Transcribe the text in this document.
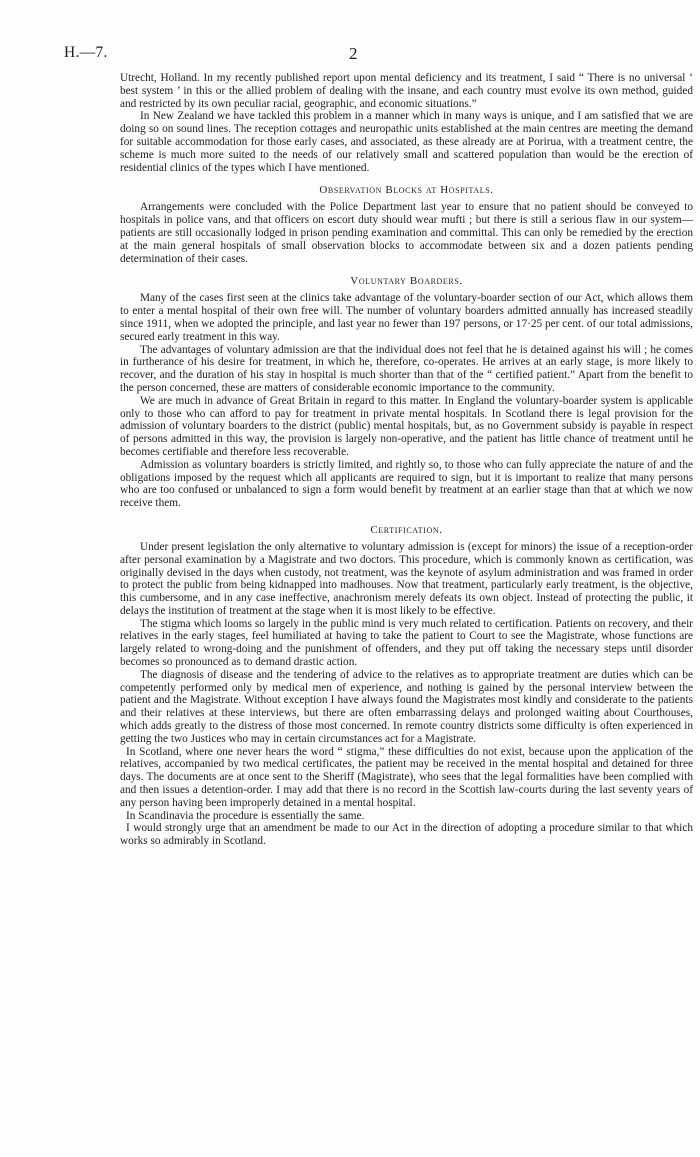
H.—7.	2

Utrecht, Holland. In my recently published report upon mental deficiency and its treatment, I said “ There is no universal ‘ best system ’ in this or the allied problem of dealing with the insane, and each country must evolve its own method, guided and restricted by its own peculiar racial, geographic, and economic situations.”

In New Zealand we have tackled this problem in a manner which in many ways is unique, and I am satisfied that we are doing so on sound lines. The reception cottages and neuropathic units established at the main centres are meeting the demand for suitable accommodation for those early cases, and associated, as these already are at Porirua, with a treatment centre, the scheme is much more suited to the needs of our relatively small and scattered population than would be the erection of residential clinics of the types which I have mentioned.

Observation Blocks at Hospitals.

Arrangements were concluded with the Police Department last year to ensure that no patient should be conveyed to hospitals in police vans, and that officers on escort duty should wear mufti ; but there is still a serious flaw in our system—patients are still occasionally lodged in prison pending examination and committal. This can only be remedied by the erection at the main general hospitals of small observation blocks to accommodate between six and a dozen patients pending determination of their cases.

Voluntary Boarders.

Many of the cases first seen at the clinics take advantage of the voluntary-boarder section of our Act, which allows them to enter a mental hospital of their own free will. The number of voluntary boarders admitted annually has increased steadily since 1911, when we adopted the principle, and last year no fewer than 197 persons, or 17·25 per cent. of our total admissions, secured early treatment in this way.

The advantages of voluntary admission are that the individual does not feel that he is detained against his will ; he comes in furtherance of his desire for treatment, in which he, therefore, co-operates. He arrives at an early stage, is more likely to recover, and the duration of his stay in hospital is much shorter than that of the “ certified patient.” Apart from the benefit to the person concerned, these are matters of considerable economic importance to the community.

We are much in advance of Great Britain in regard to this matter. In England the voluntary-boarder system is applicable only to those who can afford to pay for treatment in private mental hospitals. In Scotland there is legal provision for the admission of voluntary boarders to the district (public) mental hospitals, but, as no Government subsidy is payable in respect of persons admitted in this way, the provision is largely non-operative, and the patient has little chance of treatment until he becomes certifiable and therefore less recoverable.

Admission as voluntary boarders is strictly limited, and rightly so, to those who can fully appreciate the nature of and the obligations imposed by the request which all applicants are required to sign, but it is important to realize that many persons who are too confused or unbalanced to sign a form would benefit by treatment at an earlier stage than that at which we now receive them.

Certification.

Under present legislation the only alternative to voluntary admission is (except for minors) the issue of a reception-order after personal examination by a Magistrate and two doctors. This procedure, which is commonly known as certification, was originally devised in the days when custody, not treatment, was the keynote of asylum administration and was framed in order to protect the public from being kidnapped into madhouses. Now that treatment, particularly early treatment, is the objective, this cumbersome, and in any case ineffective, anachronism merely defeats its own object. Instead of protecting the public, it delays the institution of treatment at the stage when it is most likely to be effective.

The stigma which looms so largely in the public mind is very much related to certification. Patients on recovery, and their relatives in the early stages, feel humiliated at having to take the patient to Court to see the Magistrate, whose functions are largely related to wrong-doing and the punishment of offenders, and they put off taking the necessary steps until disorder becomes so pronounced as to demand drastic action.

The diagnosis of disease and the tendering of advice to the relatives as to appropriate treatment are duties which can be competently performed only by medical men of experience, and nothing is gained by the personal interview between the patient and the Magistrate. Without exception I have always found the Magistrates most kindly and considerate to the patients and their relatives at these interviews, but there are often embarrassing delays and prolonged waiting about Courthouses, which adds greatly to the distress of those most concerned. In remote country districts some difficulty is often experienced in getting the two Justices who may in certain circumstances act for a Magistrate.

In Scotland, where one never hears the word “ stigma,” these difficulties do not exist, because upon the application of the relatives, accompanied by two medical certificates, the patient may be received in the mental hospital and detained for three days. The documents are at once sent to the Sheriff (Magistrate), who sees that the legal formalities have been complied with and then issues a detention-order. I may add that there is no record in the Scottish law-courts during the last seventy years of any person having been improperly detained in a mental hospital.

In Scandinavia the procedure is essentially the same.

I would strongly urge that an amendment be made to our Act in the direction of adopting a procedure similar to that which works so admirably in Scotland.
